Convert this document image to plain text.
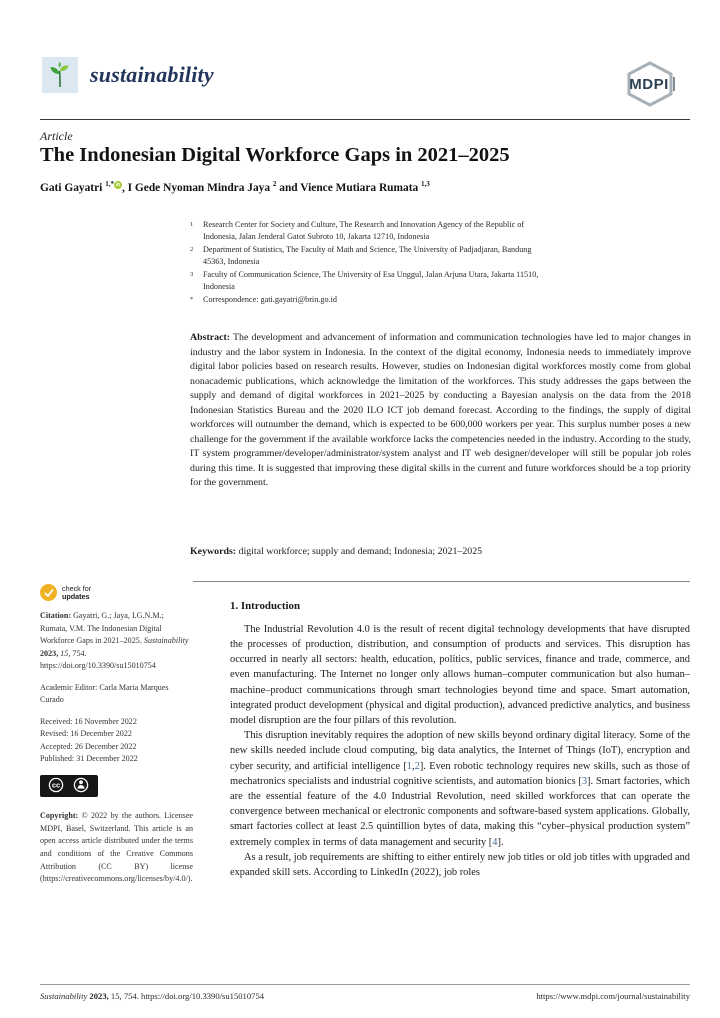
sustainability	MDPI
Article
The Indonesian Digital Workforce Gaps in 2021–2025
Gati Gayatri $^{1,*}$ iD , I Gede Nyoman Mindra Jaya $^2$ and Vience Mutiara Rumata $^{1,3}$
1	Research Center for Society and Culture, The Research and Innovation Agency of the Republic of Indonesia, Jalan Jenderal Gatot Subroto 10, Jakarta 12710, Indonesia
2	Department of Statistics, The Faculty of Math and Science, The University of Padjadjaran, Bandung 45363, Indonesia
3	Faculty of Communication Science, The University of Esa Unggul, Jalan Arjuna Utara, Jakarta 11510, Indonesia
*	Correspondence: gati.gayatri@brin.go.id
Abstract: The development and advancement of information and communication technologies have led to major changes in industry and the labor system in Indonesia. In the context of the digital economy, Indonesia needs to immediately improve digital labor policies based on research results. However, studies on Indonesian digital workforces mostly come from global nonacademic publications, which acknowledge the limitation of the workforces. This study addresses the gaps between the supply and demand of digital workforces in 2021–2025 by conducting a Bayesian analysis on the data from the 2018 Indonesian Statistics Bureau and the 2020 ILO ICT job demand forecast. According to the findings, the supply of digital workforces will outnumber the demand, which is expected to be 600,000 workers per year. This surplus number poses a new challenge for the government if the available workforce lacks the competencies needed in the industry. According to the study, IT system programmer/developer/administrator/system analyst and IT web designer/developer will still be popular job roles during this time. It is suggested that improving these digital skills in the current and future workforces should be a top priority for the government.
Keywords: digital workforce; supply and demand; Indonesia; 2021–2025
check for
updates

Citation: Gayatri, G.; Jaya, I.G.N.M.; Rumata, V.M. The Indonesian Digital Workforce Gaps in 2021–2025. Sustainability 2023, 15, 754. https://doi.org/10.3390/su15010754

Academic Editor: Carla Maria Marques Curado

Received: 16 November 2022
Revised: 16 December 2022
Accepted: 26 December 2022
Published: 31 December 2022

cc
BY

Copyright: © 2022 by the authors. Licensee MDPI, Basel, Switzerland. This article is an open access article distributed under the terms and conditions of the Creative Commons Attribution (CC BY) license (https://creativecommons.org/licenses/by/4.0/).

1. Introduction

The Industrial Revolution 4.0 is the result of recent digital technology developments that have disrupted the processes of production, distribution, and consumption of products and services. This disruption has occurred in nearly all sectors: health, education, politics, public services, finance and trade, commerce, and even manufacturing. The Internet no longer only allows human–computer communication but also human–machine–product communications through smart technologies beyond time and space. Smart automation, integrated product development (physical and digital production), advanced predictive analytics, and business model disruption are the four pillars of this revolution.

This disruption inevitably requires the adoption of new skills beyond ordinary digital literacy. Some of the new skills needed include cloud computing, big data analytics, the Internet of Things (IoT), encryption and cyber security, and artificial intelligence [1,2]. Even robotic technology requires new skills, such as those of mechatronics specialists and industrial cognitive scientists, and automation bionics [3]. Smart factories, which are the essential feature of the 4.0 Industrial Revolution, need skilled workforces that can operate the convergence between mechanical or electronic components and software-based system applications. Globally, smart factories collect at least 2.5 quintillion bytes of data, making this “cyber–physical production system” extremely complex in terms of data management and security [4].

As a result, job requirements are shifting to either entirely new job titles or old job titles with upgraded and expanded skill sets. According to LinkedIn (2022), job roles

Sustainability 2023, 15, 754. https://doi.org/10.3390/su15010754	https://www.mdpi.com/journal/sustainability
